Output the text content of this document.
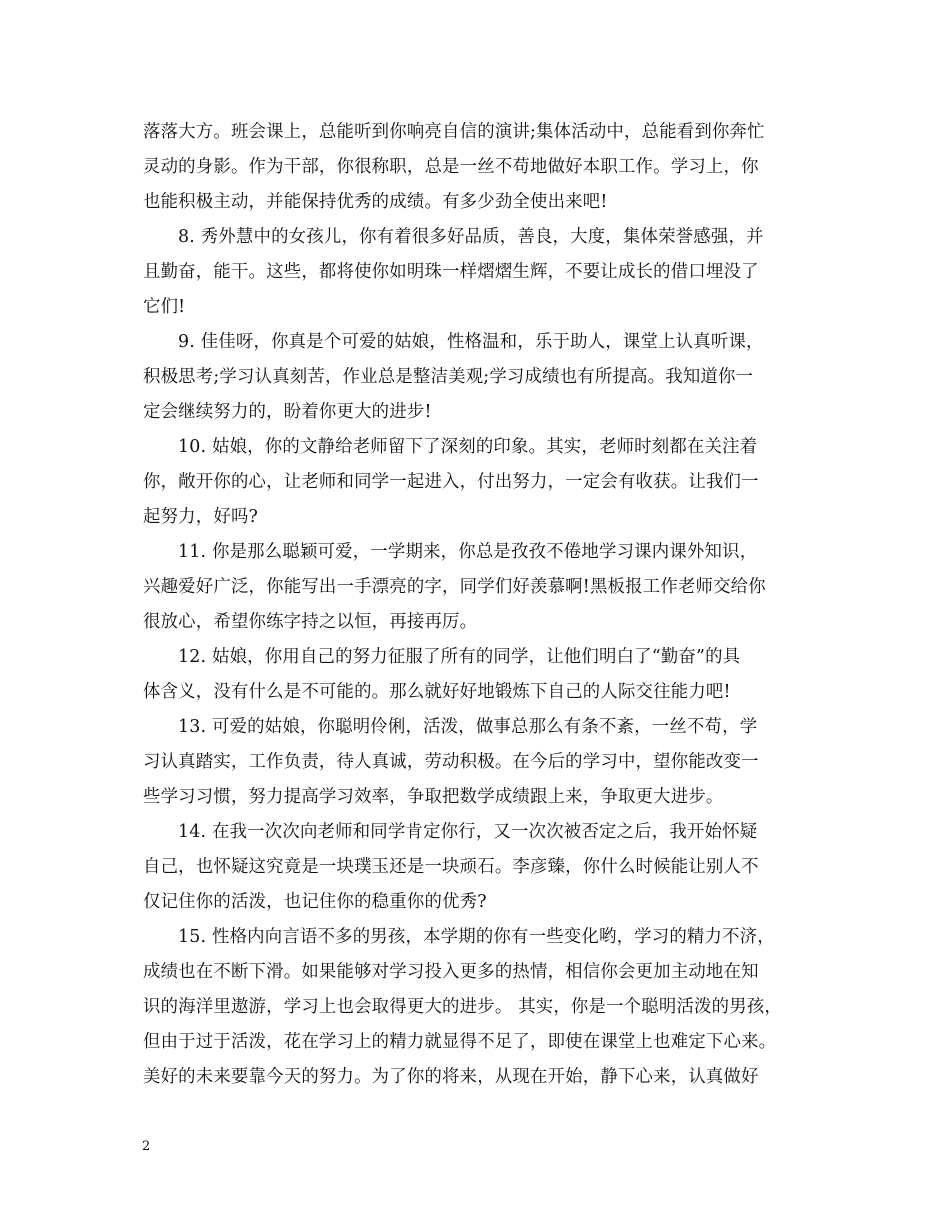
落落大方。班会课上，总能听到你响亮自信的演讲;集体活动中，总能看到你奔忙
灵动的身影。作为干部，你很称职，总是一丝不苟地做好本职工作。学习上，你
也能积极主动，并能保持优秀的成绩。有多少劲全使出来吧!
8. 秀外慧中的女孩儿，你有着很多好品质，善良，大度，集体荣誉感强，并
且勤奋，能干。这些，都将使你如明珠一样熠熠生辉，不要让成长的借口埋没了
它们!
9. 佳佳呀，你真是个可爱的姑娘，性格温和，乐于助人，课堂上认真听课，
积极思考;学习认真刻苦，作业总是整洁美观;学习成绩也有所提高。我知道你一
定会继续努力的，盼着你更大的进步!
10. 姑娘，你的文静给老师留下了深刻的印象。其实，老师时刻都在关注着
你，敞开你的心，让老师和同学一起进入，付出努力，一定会有收获。让我们一
起努力，好吗?
11. 你是那么聪颖可爱，一学期来，你总是孜孜不倦地学习课内课外知识，
兴趣爱好广泛，你能写出一手漂亮的字，同学们好羡慕啊!黑板报工作老师交给你
很放心，希望你练字持之以恒，再接再厉。
12. 姑娘，你用自己的努力征服了所有的同学，让他们明白了“勤奋”的具
体含义，没有什么是不可能的。那么就好好地锻炼下自己的人际交往能力吧!
13. 可爱的姑娘，你聪明伶俐，活泼，做事总那么有条不紊，一丝不苟，学
习认真踏实，工作负责，待人真诚，劳动积极。在今后的学习中，望你能改变一
些学习习惯，努力提高学习效率，争取把数学成绩跟上来，争取更大进步。
14. 在我一次次向老师和同学肯定你行，又一次次被否定之后，我开始怀疑
自己，也怀疑这究竟是一块璞玉还是一块顽石。李彦臻，你什么时候能让别人不
仅记住你的活泼，也记住你的稳重你的优秀?
15. 性格内向言语不多的男孩，本学期的你有一些变化哟，学习的精力不济，
成绩也在不断下滑。如果能够对学习投入更多的热情，相信你会更加主动地在知
识的海洋里遨游，学习上也会取得更大的进步。 其实，你是一个聪明活泼的男孩，
但由于过于活泼，花在学习上的精力就显得不足了，即使在课堂上也难定下心来。
美好的未来要靠今天的努力。为了你的将来，从现在开始，静下心来，认真做好
2
